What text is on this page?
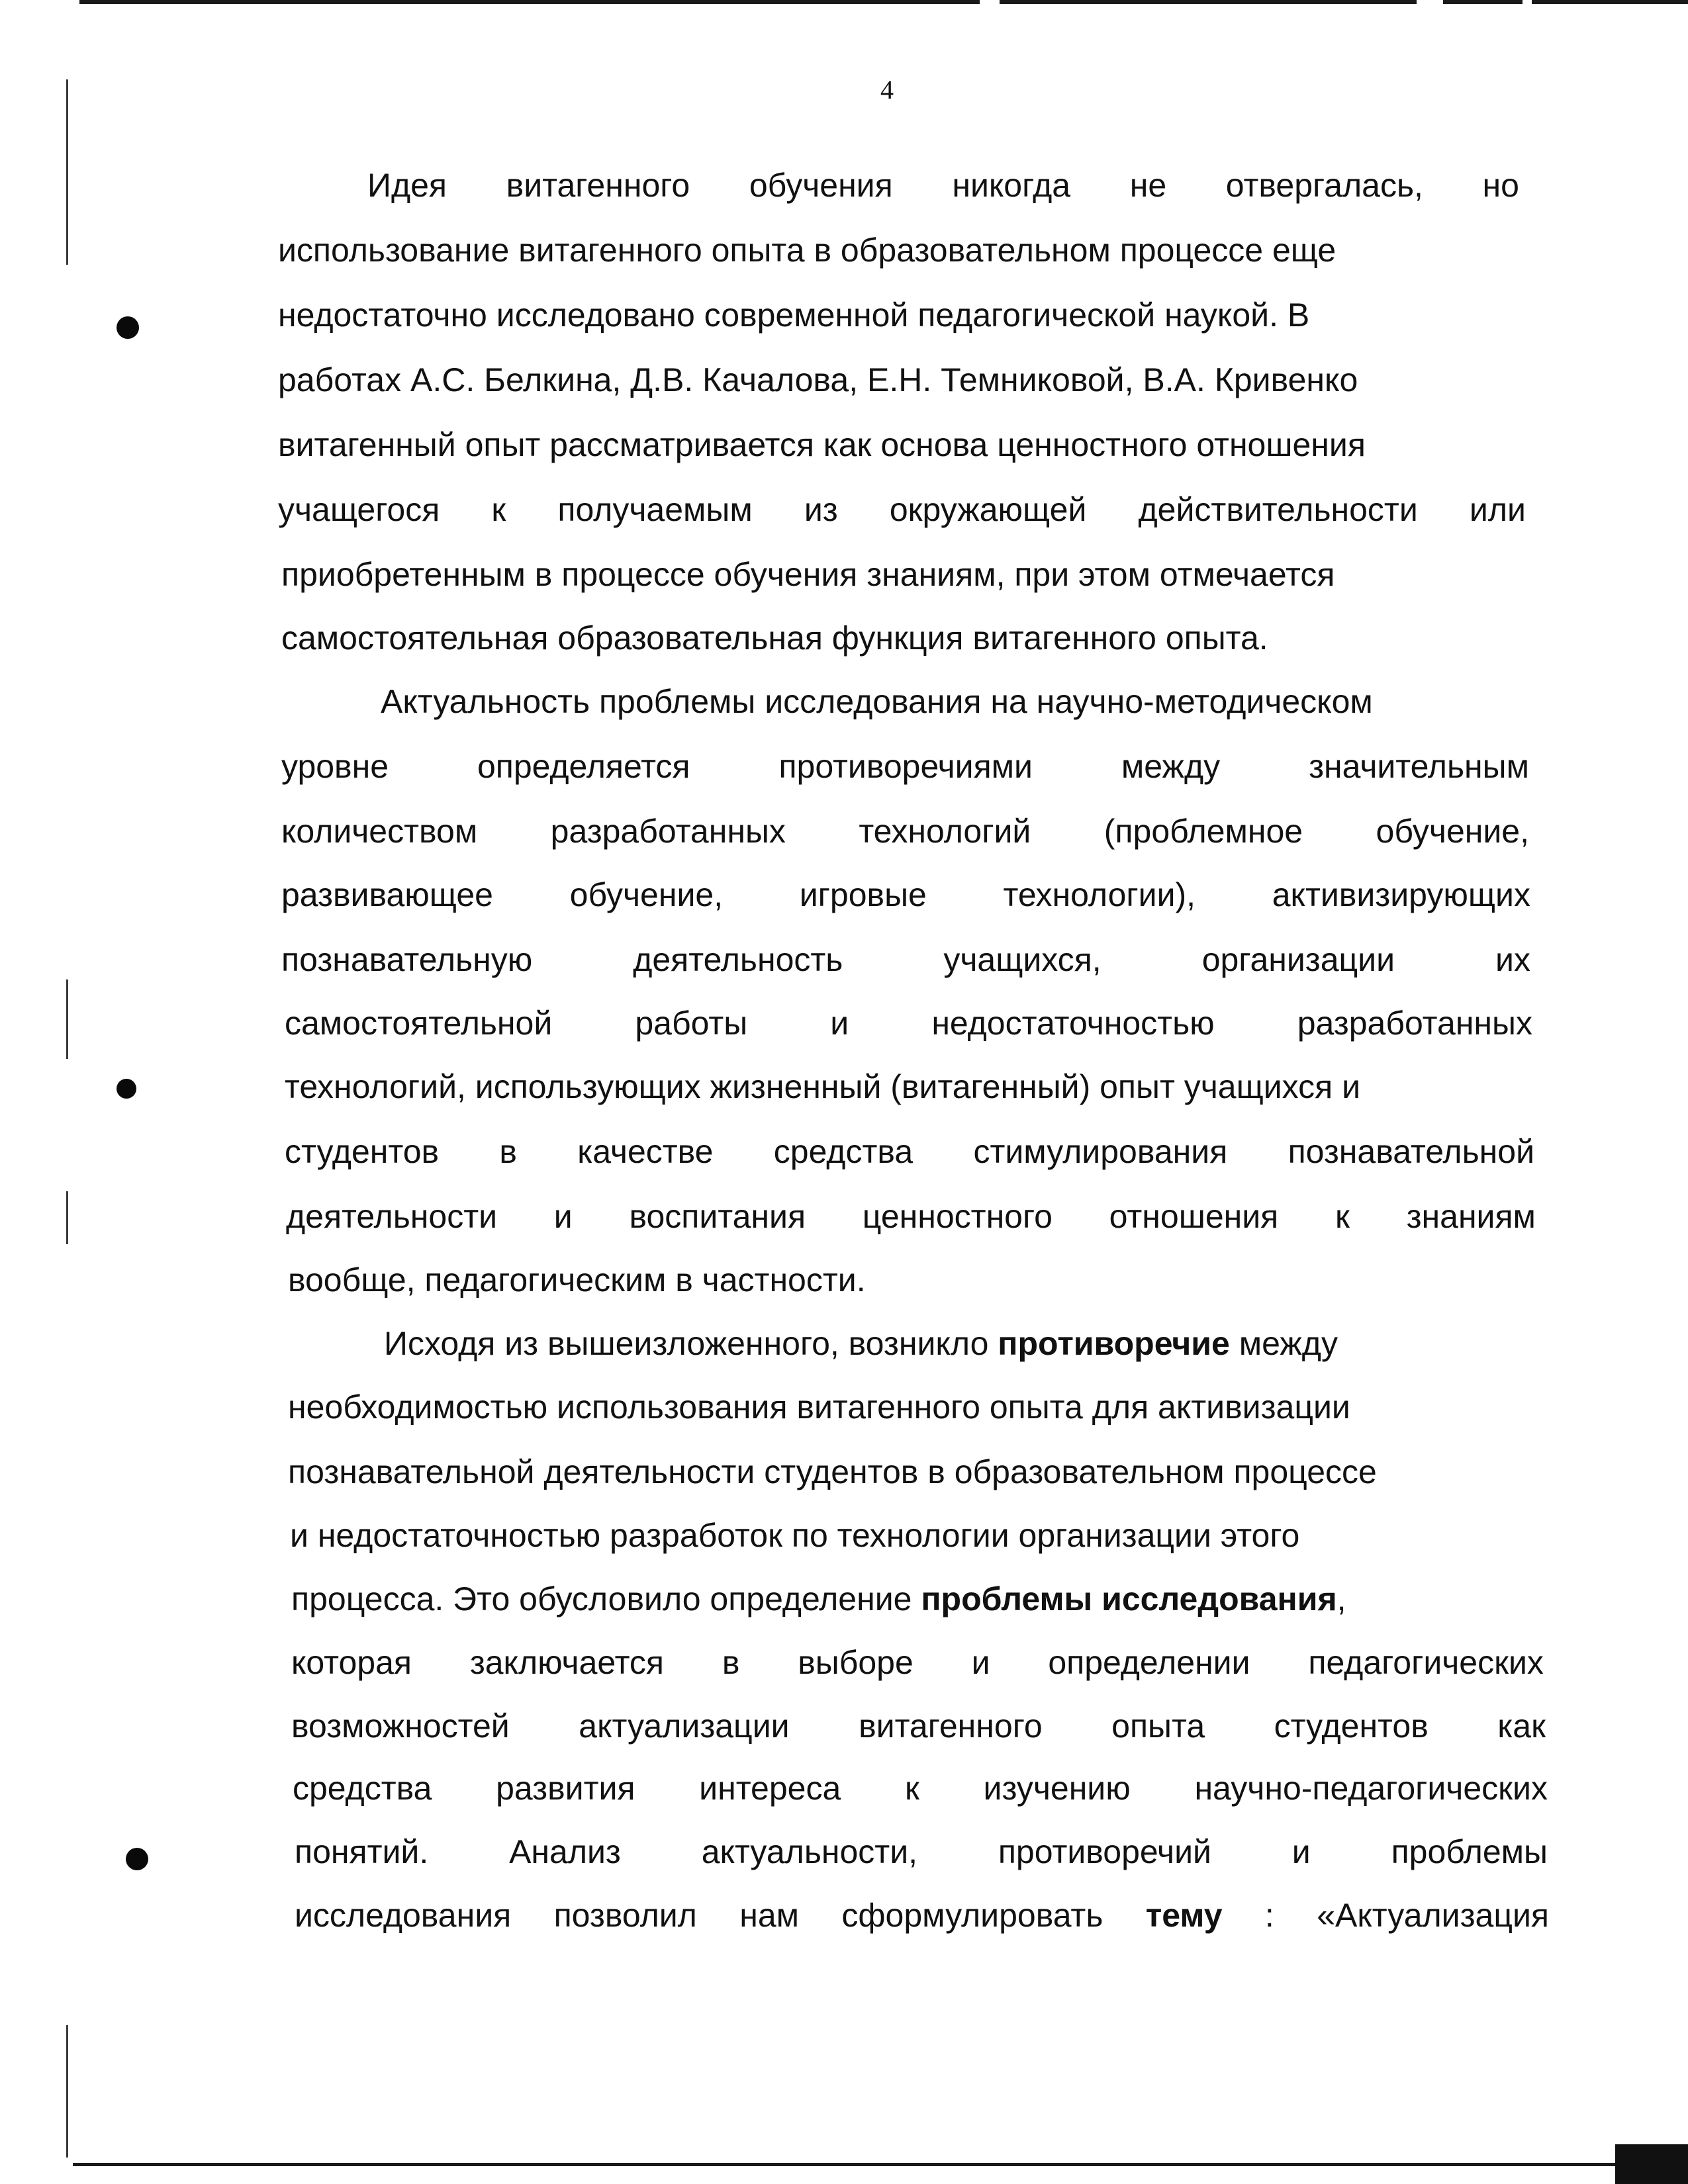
4
Идея витагенного обучения никогда не отвергалась, но
использование витагенного опыта в образовательном процессе еще
недостаточно исследовано современной педагогической наукой. В
работах А.С. Белкина, Д.В. Качалова, Е.Н. Темниковой, В.А. Кривенко
витагенный опыт рассматривается как основа ценностного отношения
учащегося к получаемым из окружающей действительности или
приобретенным в процессе обучения знаниям, при этом отмечается
самостоятельная образовательная функция витагенного опыта.
Актуальность проблемы исследования на научно-методическом
уровне	определяется	противоречиями	между	значительным
количеством разработанных технологий (проблемное обучение,
развивающее обучение, игровые технологии), активизирующих
познавательную	деятельность	учащихся,	организации	их
самостоятельной	работы	и	недостаточностью	разработанных
технологий, использующих жизненный (витагенный) опыт учащихся и
студентов в качестве средства стимулирования познавательной
деятельности и воспитания ценностного отношения к знаниям
вообще, педагогическим в частности.
Исходя из вышеизложенного, возникло противоречие между
необходимостью использования витагенного опыта для активизации
познавательной деятельности студентов в образовательном процессе
и недостаточностью разработок по технологии организации этого
процесса. Это обусловило определение проблемы исследования,
которая заключается в выборе и определении педагогических
возможностей актуализации витагенного опыта студентов как
средства развития интереса к изучению научно-педагогических
понятий. Анализ актуальности, противоречий и проблемы
исследования позволил нам сформулировать тему : «Актуализация
